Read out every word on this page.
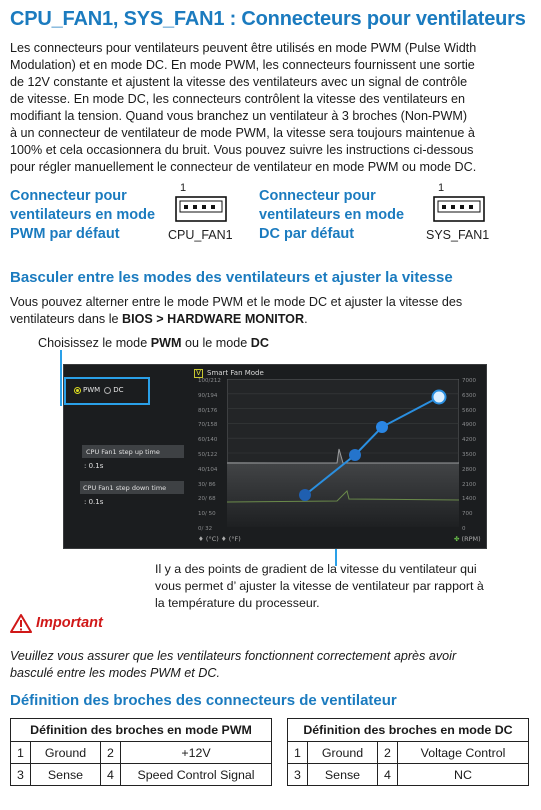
CPU_FAN1, SYS_FAN1 : Connecteurs pour ventilateurs
Les connecteurs pour ventilateurs peuvent être utilisés en mode PWM (Pulse Width
Modulation) et en mode DC. En mode PWM, les connecteurs fournissent une sortie
de 12V constante et ajustent la vitesse des ventilateurs avec un signal de contrôle
de vitesse. En mode DC, les connecteurs contrôlent la vitesse des ventilateurs en
modifiant la tension. Quand vous branchez un ventilateur à 3 broches (Non-PWM)
à un connecteur de ventilateur de mode PWM, la vitesse sera toujours maintenue à
100% et cela occasionnera du bruit. Vous pouvez suivre les instructions ci-dessous
pour régler manuellement le connecteur de ventilateur en mode PWM ou mode DC.
Connecteur pour
ventilateurs en mode
PWM par défaut
1
CPU_FAN1
Connecteur pour
ventilateurs en mode
DC par défaut
1
SYS_FAN1
Basculer entre les modes des ventilateurs et ajuster la vitesse
Vous pouvez alterner entre le mode PWM et le mode DC et ajuster la vitesse des
ventilateurs dans le BIOS > HARDWARE MONITOR.
Choisissez le mode PWM ou le mode DC
V Smart Fan Mode
PWM DC
CPU Fan1 step up time
: 0.1s
CPU Fan1 step down time
: 0.1s
100/212
90/194
80/176
70/158
60/140
50/122
40/104
30/ 86
20/ 68
10/ 50
0/ 32
7000
6300
5600
4900
4200
3500
2800
2100
1400
700
0
♦ (°C) ♦ (°F)	✤ (RPM)
Il y a des points de gradient de la vitesse du ventilateur qui
vous permet d’ ajuster la vitesse de ventilateur par rapport à
la température du processeur.
Important
Veuillez vous assurer que les ventilateurs fonctionnent correctement après avoir
basculé entre les modes PWM et DC.
Définition des broches des connecteurs de ventilateur
Définition des broches en mode PWM			
1	Ground	2	+12V
3	Sense	4	Speed Control Signal
Définition des broches en mode DC			
1	Ground	2	Voltage Control
3	Sense	4	NC
